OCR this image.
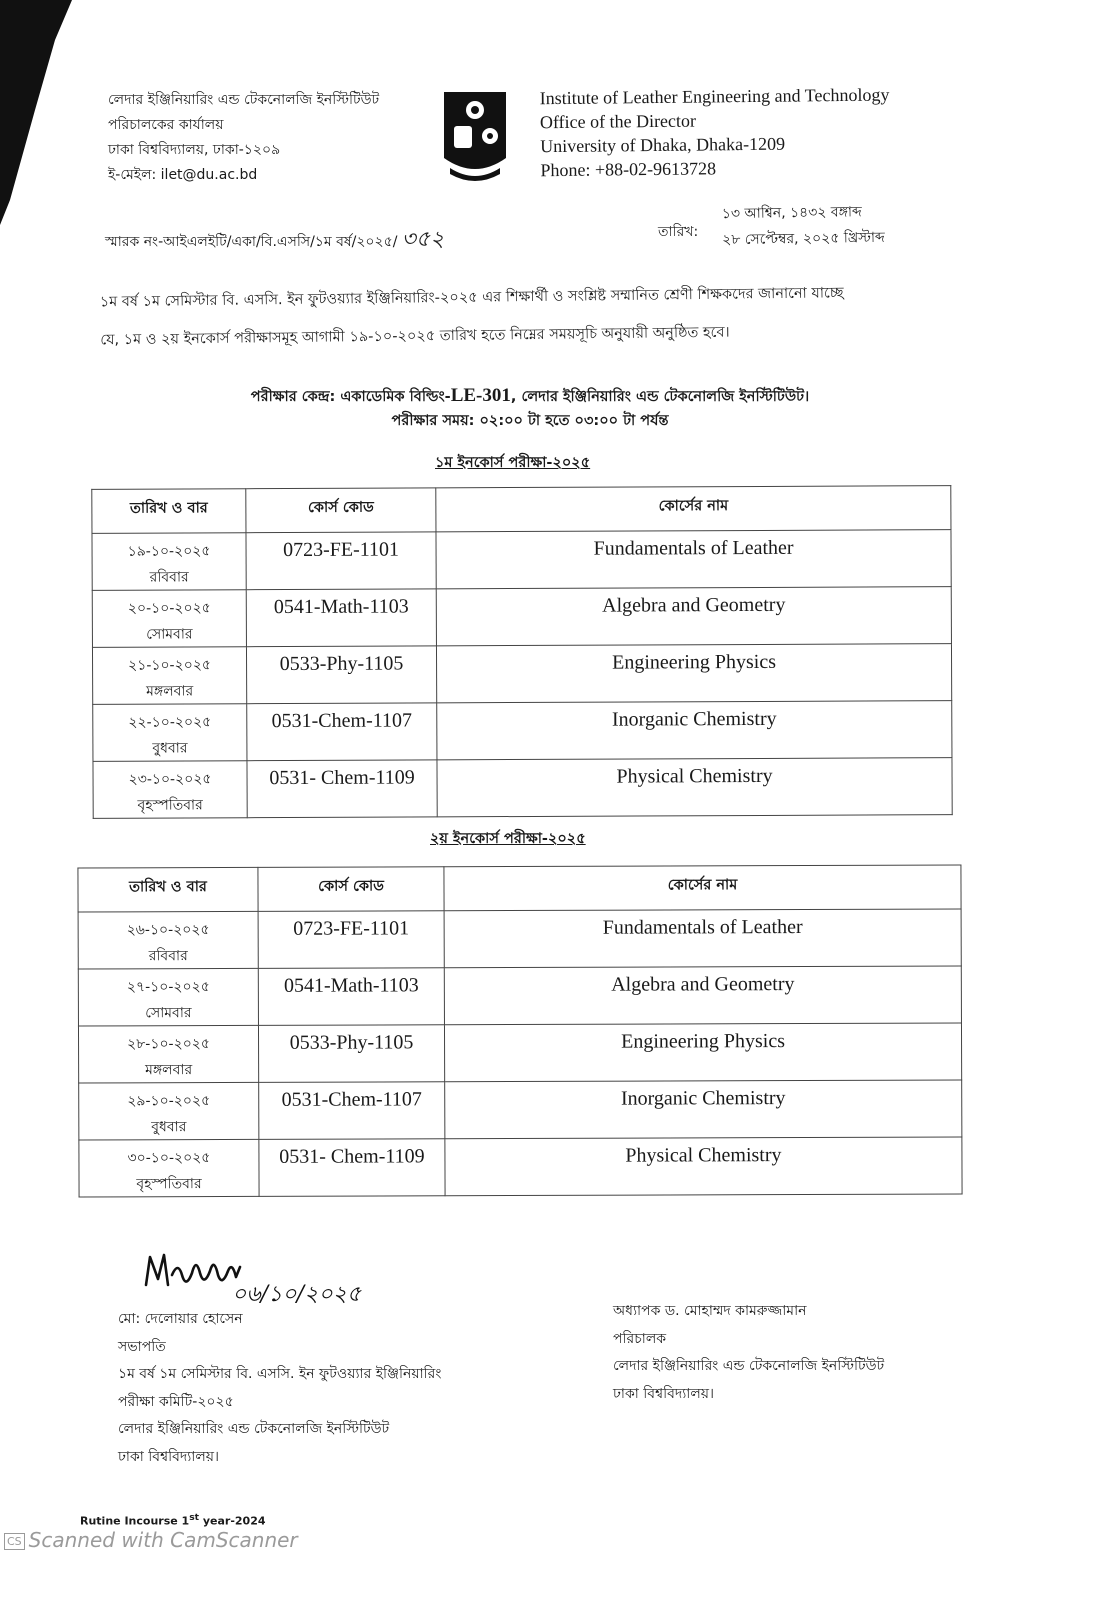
লেদার ইঞ্জিনিয়ারিং এন্ড টেকনোলজি ইনস্টিটিউট
পরিচালকের কার্যালয়
ঢাকা বিশ্ববিদ্যালয়, ঢাকা-১২০৯
ই-মেইল: ilet@du.ac.bd
Institute of Leather Engineering and Technology
Office of the Director
University of Dhaka, Dhaka-1209
Phone: +88-02-9613728
স্মারক নং-আইএলইটি/একা/বি.এসসি/১ম বর্ষ/২০২৫/ ৩৫২	তারিখ:
১৩ আশ্বিন, ১৪৩২ বঙ্গাব্দ
২৮ সেপ্টেম্বর, ২০২৫ খ্রিস্টাব্দ
১ম বর্ষ ১ম সেমিস্টার বি. এসসি. ইন ফুটওয়্যার ইঞ্জিনিয়ারিং-২০২৫ এর শিক্ষার্থী ও সংশ্লিষ্ট সম্মানিত শ্রেণী শিক্ষকদের জানানো যাচ্ছে
যে, ১ম ও ২য় ইনকোর্স পরীক্ষাসমূহ আগামী ১৯-১০-২০২৫ তারিখ হতে নিম্নের সময়সূচি অনুযায়ী অনুষ্ঠিত হবে।
পরীক্ষার কেন্দ্র: একাডেমিক বিল্ডিং-LE-301, লেদার ইঞ্জিনিয়ারিং এন্ড টেকনোলজি ইনস্টিটিউট।
পরীক্ষার সময়: ০২:০০ টা হতে ০৩:০০ টা পর্যন্ত
১ম ইনকোর্স পরীক্ষা-২০২৫
তারিখ ও বার	কোর্স কোড	কোর্সের নাম

১৯-১০-২০২৫
রবিবার	0723-FE-1101	Fundamentals of Leather

২০-১০-২০২৫
সোমবার	0541-Math-1103	Algebra and Geometry

২১-১০-২০২৫
মঙ্গলবার	0533-Phy-1105	Engineering Physics

২২-১০-২০২৫
বুধবার	0531-Chem-1107	Inorganic Chemistry

২৩-১০-২০২৫
বৃহস্পতিবার	0531- Chem-1109	Physical Chemistry
২য় ইনকোর্স পরীক্ষা-২০২৫
তারিখ ও বার	কোর্স কোড	কোর্সের নাম

২৬-১০-২০২৫
রবিবার	0723-FE-1101	Fundamentals of Leather

২৭-১০-২০২৫
সোমবার	0541-Math-1103	Algebra and Geometry

২৮-১০-২০২৫
মঙ্গলবার	0533-Phy-1105	Engineering Physics

২৯-১০-২০২৫
বুধবার	0531-Chem-1107	Inorganic Chemistry

৩০-১০-২০২৫
বৃহস্পতিবার	0531- Chem-1109	Physical Chemistry
০৬/১০/২০২৫
মো: দেলোয়ার হোসেন
সভাপতি
১ম বর্ষ ১ম সেমিস্টার বি. এসসি. ইন ফুটওয়্যার ইঞ্জিনিয়ারিং
পরীক্ষা কমিটি-২০২৫
লেদার ইঞ্জিনিয়ারিং এন্ড টেকনোলজি ইনস্টিটিউট
ঢাকা বিশ্ববিদ্যালয়।
অধ্যাপক ড. মোহাম্মদ কামরুজ্জামান
পরিচালক
লেদার ইঞ্জিনিয়ারিং এন্ড টেকনোলজি ইনস্টিটিউট
ঢাকা বিশ্ববিদ্যালয়।
Rutine Incourse 1st year-2024
CS Scanned with CamScanner
